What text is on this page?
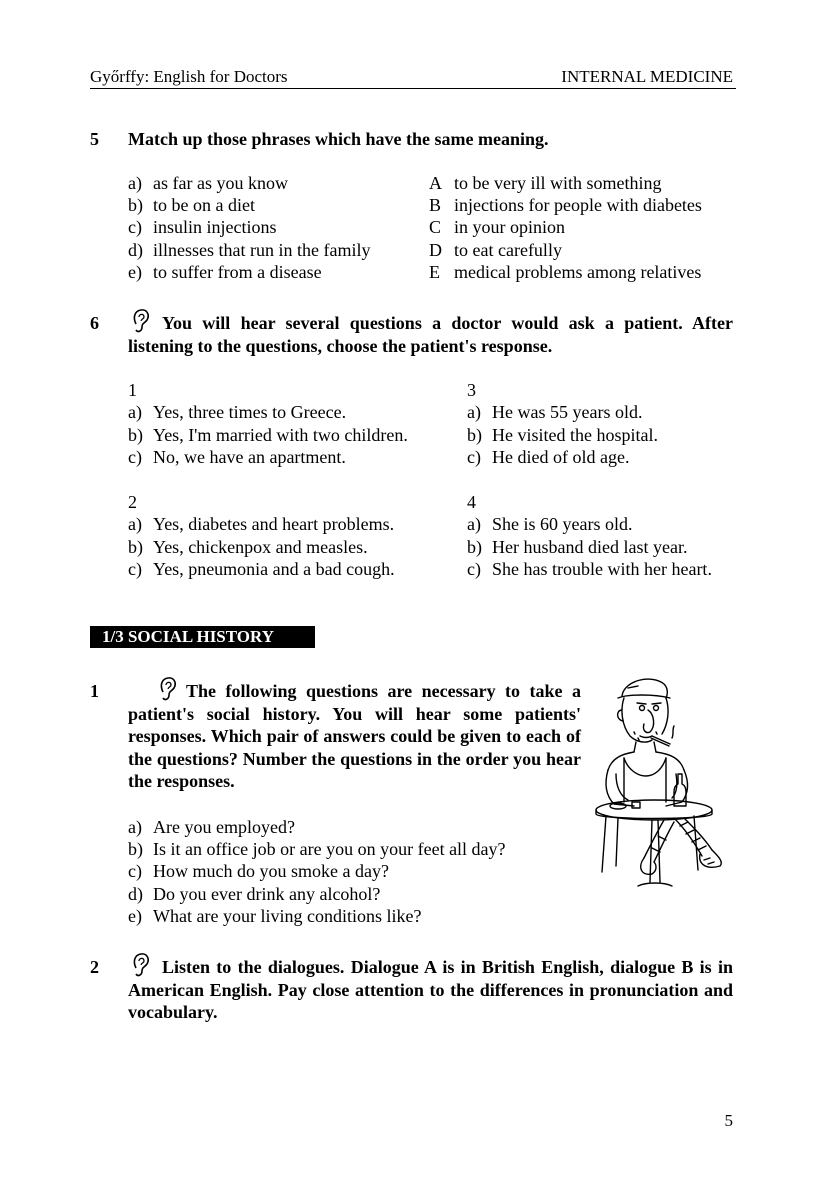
Győrffy: English for Doctors	INTERNAL MEDICINE
5 Match up those phrases which have the same meaning.
a) as far as you know
b) to be on a diet
c) insulin injections
d) illnesses that run in the family
e) to suffer from a disease
A to be very ill with something
B injections for people with diabetes
C in your opinion
D to eat carefully
E medical problems among relatives
6	You will hear several questions a doctor would ask a patient. After listening to the questions, choose the patient's response.
1
a) Yes, three times to Greece.
b) Yes, I'm married with two children.
c) No, we have an apartment.
3
a) He was 55 years old.
b) He visited the hospital.
c) He died of old age.
2
a) Yes, diabetes and heart problems.
b) Yes, chickenpox and measles.
c) Yes, pneumonia and a bad cough.
4
a) She is 60 years old.
b) Her husband died last year.
c) She has trouble with her heart.
1/3 SOCIAL HISTORY
1	The following questions are necessary to take a patient's social history. You will hear some patients' responses. Which pair of answers could be given to each of the questions? Number the questions in the order you hear the responses.
a) Are you employed?
b) Is it an office job or are you on your feet all day?
c) How much do you smoke a day?
d) Do you ever drink any alcohol?
e) What are your living conditions like?
2	Listen to the dialogues. Dialogue A is in British English, dialogue B is in American English. Pay close attention to the differences in pronunciation and vocabulary.
5
